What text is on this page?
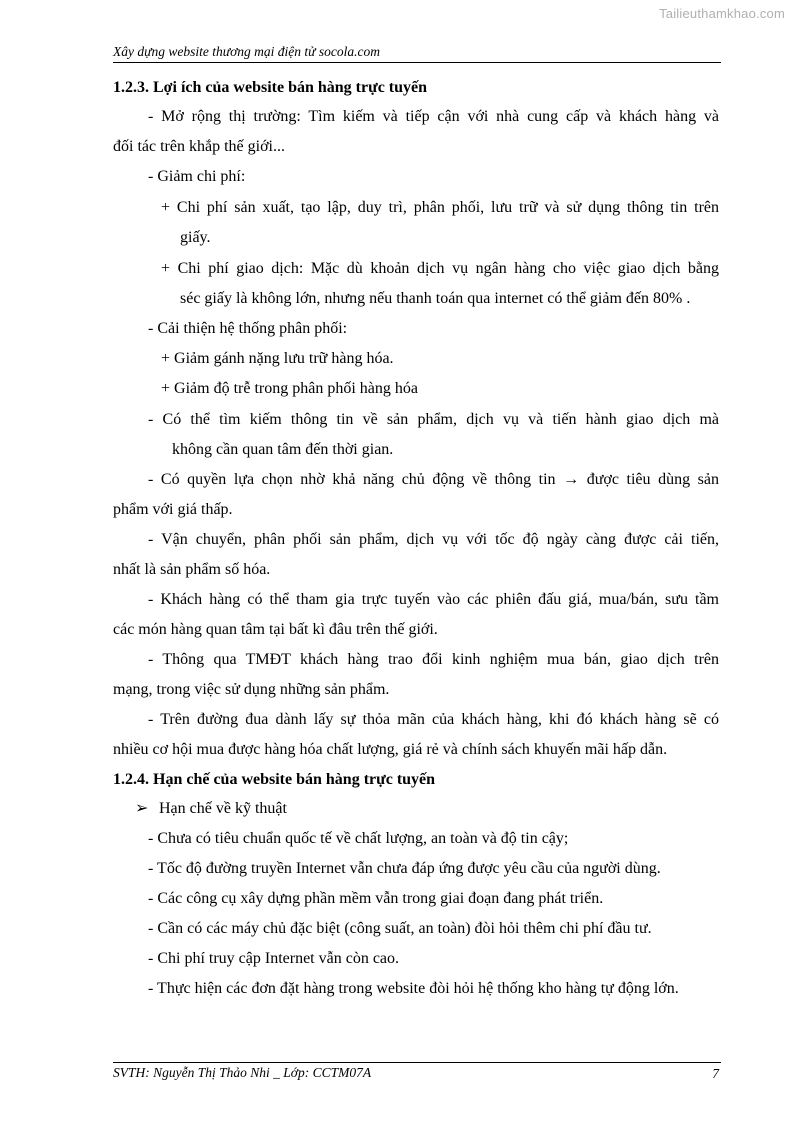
Tailieuthamkhao.com
Xây dựng website thương mại điện tử socola.com
1.2.3. Lợi ích của website bán hàng trực tuyến
- Mở rộng thị trường: Tìm kiếm và tiếp cận với nhà cung cấp và khách hàng và
đối tác trên khắp thế giới...
- Giảm chi phí:
+ Chi phí sản xuất, tạo lập, duy trì, phân phối, lưu trữ và sử dụng thông tin trên
giấy.
+ Chi phí giao dịch: Mặc dù khoản dịch vụ ngân hàng cho việc giao dịch bằng
séc giấy là không lớn, nhưng nếu thanh toán qua internet có thể giảm đến 80% .
- Cải thiện hệ thống phân phối:
+ Giảm gánh nặng lưu trữ hàng hóa.
+ Giảm độ trễ trong phân phối hàng hóa
- Có thể tìm kiếm thông tin về sản phẩm, dịch vụ và tiến hành giao dịch mà
không cần quan tâm đến thời gian.
- Có quyền lựa chọn nhờ khả năng chủ động về thông tin → được tiêu dùng sản
phẩm với giá thấp.
- Vận chuyển, phân phối sản phẩm, dịch vụ với tốc độ ngày càng được cải tiến,
nhất là sản phẩm số hóa.
- Khách hàng có thể tham gia trực tuyến vào các phiên đấu giá, mua/bán, sưu tầm
các món hàng quan tâm tại bất kì đâu trên thế giới.
- Thông qua TMĐT khách hàng trao đổi kinh nghiệm mua bán, giao dịch trên
mạng, trong việc sử dụng những sản phẩm.
- Trên đường đua dành lấy sự thỏa mãn của khách hàng, khi đó khách hàng sẽ có
nhiều cơ hội mua được hàng hóa chất lượng, giá rẻ và chính sách khuyến mãi hấp dẫn.
1.2.4. Hạn chế của website bán hàng trực tuyến
➢ Hạn chế về kỹ thuật
- Chưa có tiêu chuẩn quốc tế về chất lượng, an toàn và độ tin cậy;
- Tốc độ đường truyền Internet vẫn chưa đáp ứng được yêu cầu của người dùng.
- Các công cụ xây dựng phần mềm vẫn trong giai đoạn đang phát triển.
- Cần có các máy chủ đặc biệt (công suất, an toàn) đòi hỏi thêm chi phí đầu tư.
- Chi phí truy cập Internet vẫn còn cao.
- Thực hiện các đơn đặt hàng trong website đòi hỏi hệ thống kho hàng tự động lớn.
SVTH: Nguyễn Thị Thảo Nhi _ Lớp: CCTM07A	7
